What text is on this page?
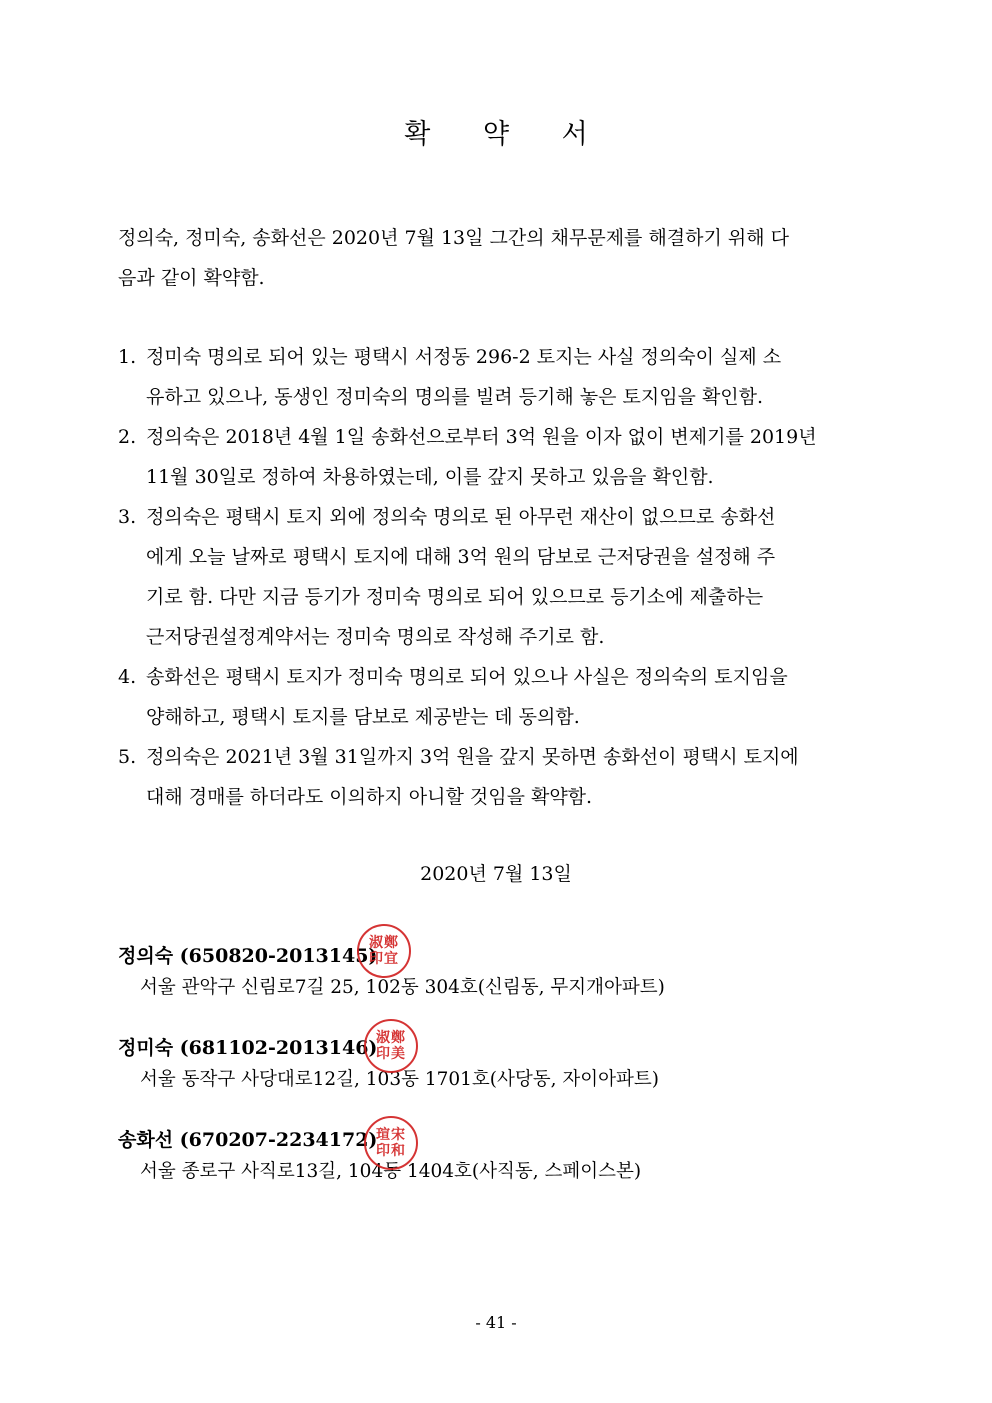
확 약 서
정의숙, 정미숙, 송화선은 2020년 7월 13일 그간의 채무문제를 해결하기 위해 다
음과 같이 확약함.
1. 정미숙 명의로 되어 있는 평택시 서정동 296-2 토지는 사실 정의숙이 실제 소
유하고 있으나, 동생인 정미숙의 명의를 빌려 등기해 놓은 토지임을 확인함.
2. 정의숙은 2018년 4월 1일 송화선으로부터 3억 원을 이자 없이 변제기를 2019년
11월 30일로 정하여 차용하였는데, 이를 갚지 못하고 있음을 확인함.
3. 정의숙은 평택시 토지 외에 정의숙 명의로 된 아무런 재산이 없으므로 송화선
에게 오늘 날짜로 평택시 토지에 대해 3억 원의 담보로 근저당권을 설정해 주
기로 함. 다만 지금 등기가 정미숙 명의로 되어 있으므로 등기소에 제출하는
근저당권설정계약서는 정미숙 명의로 작성해 주기로 함.
4. 송화선은 평택시 토지가 정미숙 명의로 되어 있으나 사실은 정의숙의 토지임을
양해하고, 평택시 토지를 담보로 제공받는 데 동의함.
5. 정의숙은 2021년 3월 31일까지 3억 원을 갚지 못하면 송화선이 평택시 토지에
대해 경매를 하더라도 이의하지 아니할 것임을 확약함.
2020년 7월 13일
정의숙 (650820-2013145)
서울 관악구 신림로7길 25, 102동 304호(신림동, 무지개아파트)
淑鄭印宜
정미숙 (681102-2013146)
서울 동작구 사당대로12길, 103동 1701호(사당동, 자이아파트)
淑鄭印美
송화선 (670207-2234172)
서울 종로구 사직로13길, 104동 1404호(사직동, 스페이스본)
瑄宋印和
- 41 -
